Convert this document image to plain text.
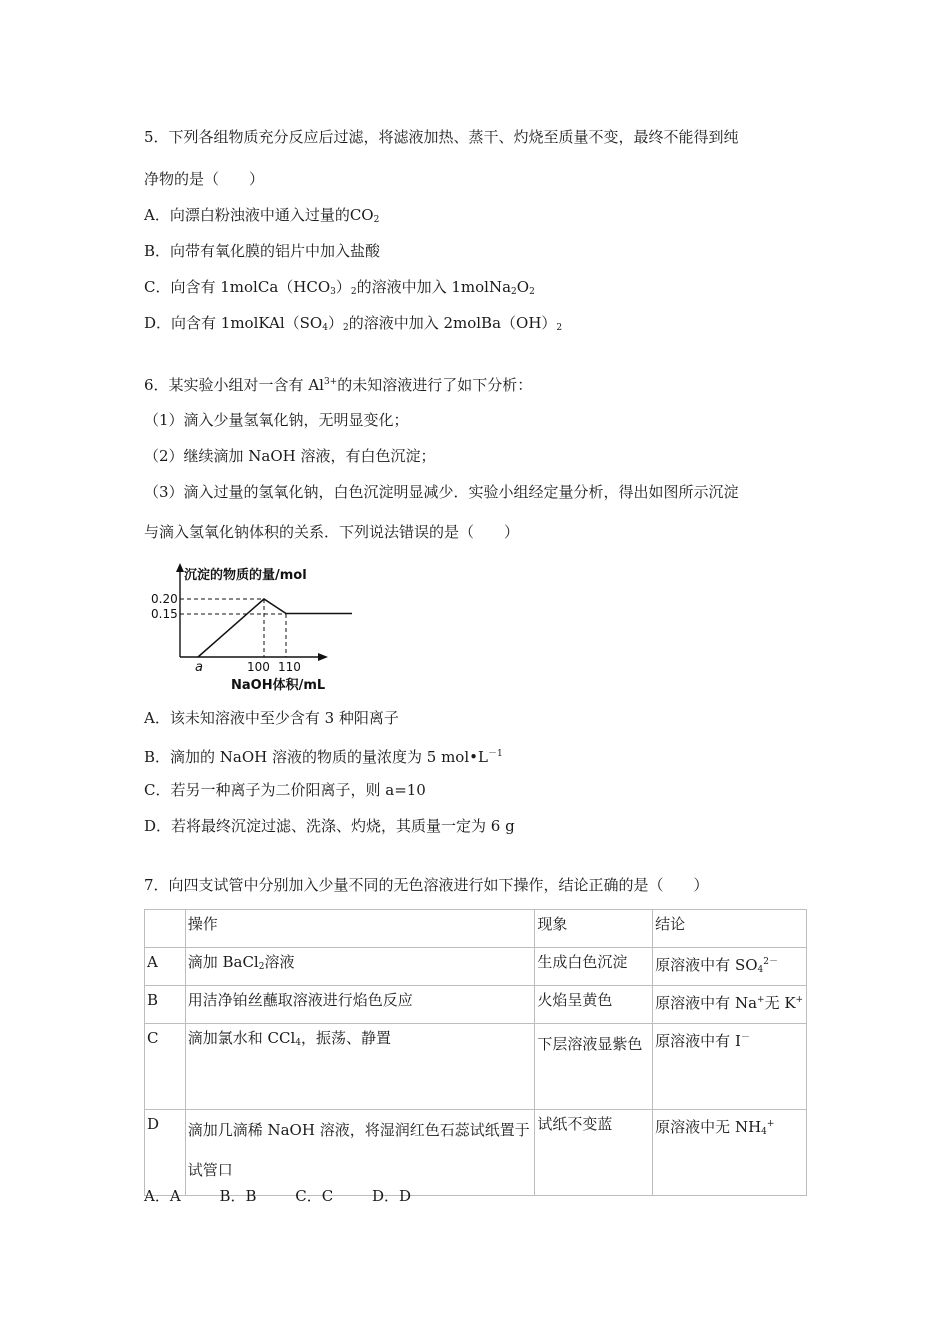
5．下列各组物质充分反应后过滤，将滤液加热、蒸干、灼烧至质量不变，最终不能得到纯
净物的是（　　）
A．向漂白粉浊液中通入过量的$CO_2$
B．向带有氧化膜的铝片中加入盐酸
C．向含有 $1molCa(HCO_3)_2$的溶液中加入 $1molNa_2O_2$
D．向含有 $1molKAl(SO_4)_2$的溶液中加入 $2molBa(OH)_2$
6．某实验小组对一含有 $Al^{3+}$的未知溶液进行了如下分析：
（1）滴入少量氢氧化钠，无明显变化；
（2）继续滴加 NaOH 溶液，有白色沉淀；
（3）滴入过量的氢氧化钠，白色沉淀明显减少．实验小组经定量分析，得出如图所示沉淀
与滴入氢氧化钠体积的关系．下列说法错误的是（　　）
沉淀的物质的量/mol
0.20
0.15
a	100 110
NaOH体积/mL
A．该未知溶液中至少含有 3 种阳离子
B．滴加的 NaOH 溶液的物质的量浓度为 5 $mol•L^{-1}$
C．若另一种离子为二价阳离子，则 a=10
D．若将最终沉淀过滤、洗涤、灼烧，其质量一定为 6 g
7．向四支试管中分别加入少量不同的无色溶液进行如下操作，结论正确的是（　　）
	操作	现象	结论
A	滴加 BaCl$_2$溶液	生成白色沉淀	原溶液中有 $SO_4^{2-}$
B	用洁净铂丝蘸取溶液进行焰色反应	火焰呈黄色	原溶液中有 Na+无 K+
C	滴加氯水和 CCl$_4$，振荡、静置	下层溶液显紫色	原溶液中有 I－
D	滴加几滴稀 NaOH 溶液，将湿润红色石蕊试纸置于试管口	试纸不变蓝	原溶液中无 $NH_4^+$
A．A	B．B	C．C	D．D
